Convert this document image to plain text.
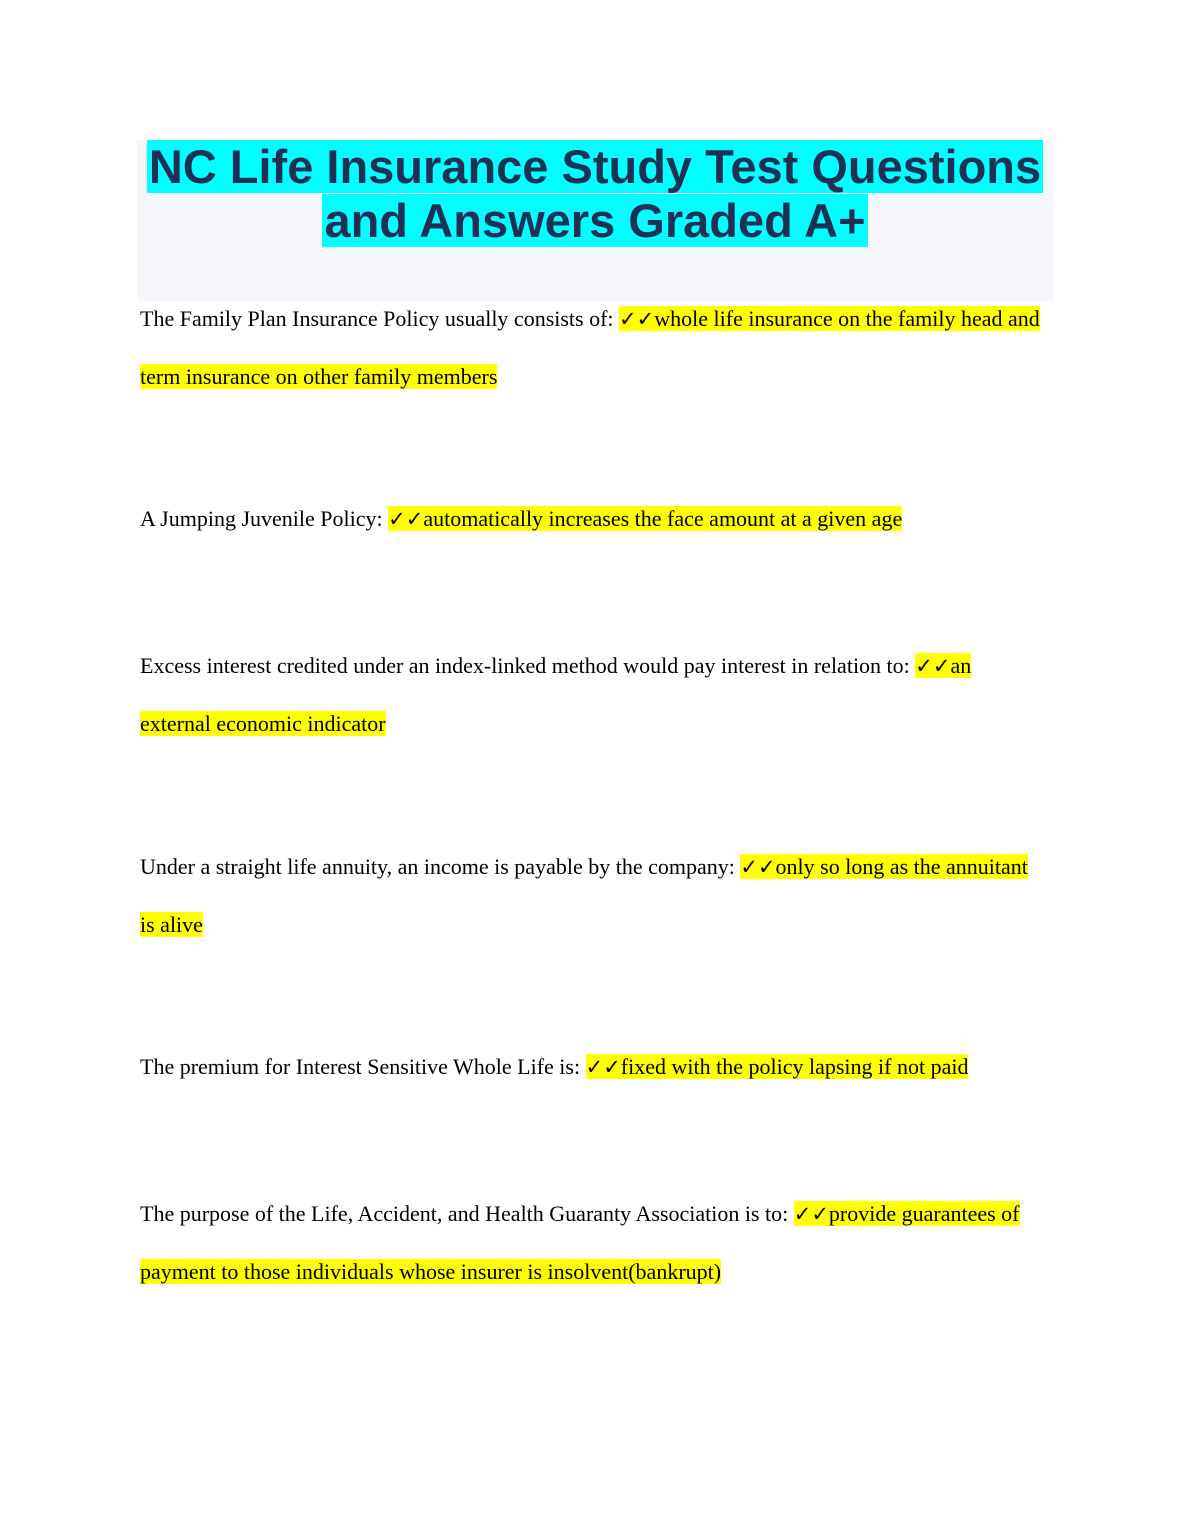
NC Life Insurance Study Test Questions
and Answers Graded A+

The Family Plan Insurance Policy usually consists of: ✓✓whole life insurance on the family head and term insurance on other family members

A Jumping Juvenile Policy: ✓✓automatically increases the face amount at a given age

Excess interest credited under an index-linked method would pay interest in relation to: ✓✓an external economic indicator

Under a straight life annuity, an income is payable by the company: ✓✓only so long as the annuitant is alive

The premium for Interest Sensitive Whole Life is: ✓✓fixed with the policy lapsing if not paid

The purpose of the Life, Accident, and Health Guaranty Association is to: ✓✓provide guarantees of payment to those individuals whose insurer is insolvent(bankrupt)
